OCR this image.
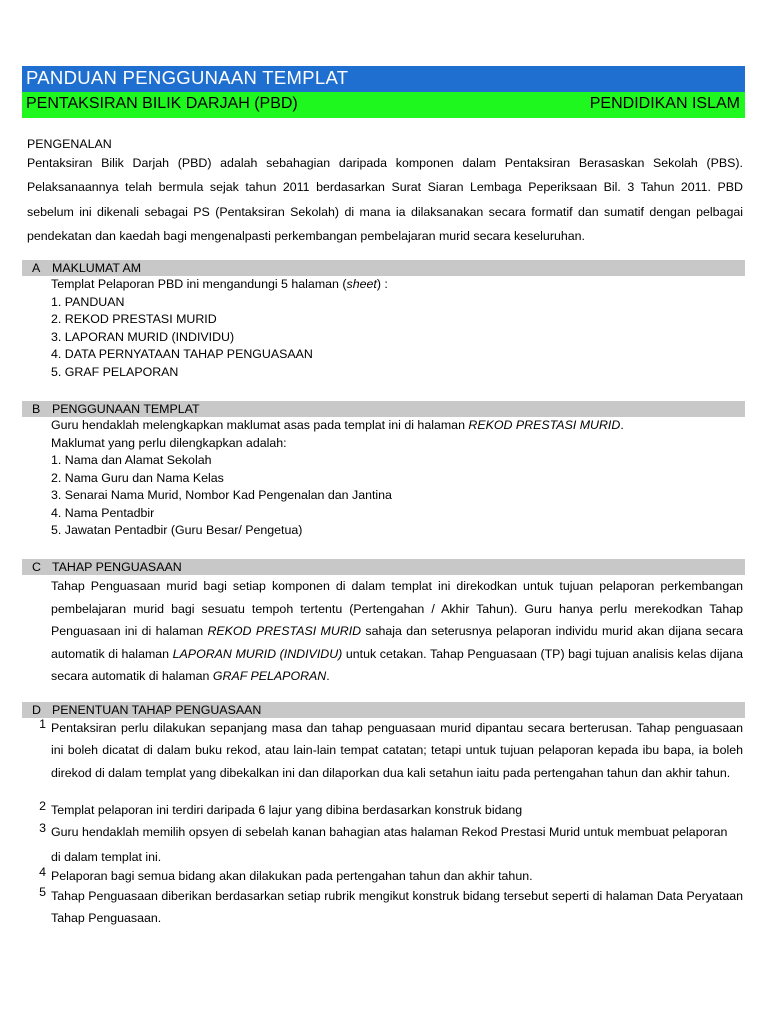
PANDUAN PENGGUNAAN TEMPLAT
PENTAKSIRAN BILIK DARJAH (PBD)	PENDIDIKAN ISLAM
PENGENALAN
Pentaksiran Bilik Darjah (PBD) adalah sebahagian daripada komponen dalam Pentaksiran Berasaskan Sekolah (PBS). Pelaksanaannya telah bermula sejak tahun 2011 berdasarkan Surat Siaran Lembaga Peperiksaan Bil. 3 Tahun 2011. PBD sebelum ini dikenali sebagai PS (Pentaksiran Sekolah) di mana ia dilaksanakan secara formatif dan sumatif dengan pelbagai pendekatan dan kaedah bagi mengenalpasti perkembangan pembelajaran murid secara keseluruhan.
A MAKLUMAT AM
Templat Pelaporan PBD ini mengandungi 5 halaman (sheet) :
1. PANDUAN
2. REKOD PRESTASI MURID
3. LAPORAN MURID (INDIVIDU)
4. DATA PERNYATAAN TAHAP PENGUASAAN
5. GRAF PELAPORAN
B PENGGUNAAN TEMPLAT
Guru hendaklah melengkapkan maklumat asas pada templat ini di halaman REKOD PRESTASI MURID.
Maklumat yang perlu dilengkapkan adalah:
1. Nama dan Alamat Sekolah
2. Nama Guru dan Nama Kelas
3. Senarai Nama Murid, Nombor Kad Pengenalan dan Jantina
4. Nama Pentadbir
5. Jawatan Pentadbir (Guru Besar/ Pengetua)
C TAHAP PENGUASAAN
Tahap Penguasaan murid bagi setiap komponen di dalam templat ini direkodkan untuk tujuan pelaporan perkembangan pembelajaran murid bagi sesuatu tempoh tertentu (Pertengahan / Akhir Tahun). Guru hanya perlu merekodkan Tahap Penguasaan ini di halaman REKOD PRESTASI MURID sahaja dan seterusnya pelaporan individu murid akan dijana secara automatik di halaman LAPORAN MURID (INDIVIDU) untuk cetakan. Tahap Penguasaan (TP) bagi tujuan analisis kelas dijana secara automatik di halaman GRAF PELAPORAN.
D PENENTUAN TAHAP PENGUASAAN
1 Pentaksiran perlu dilakukan sepanjang masa dan tahap penguasaan murid dipantau secara berterusan. Tahap penguasaan ini boleh dicatat di dalam buku rekod, atau lain-lain tempat catatan; tetapi untuk tujuan pelaporan kepada ibu bapa, ia boleh direkod di dalam templat yang dibekalkan ini dan dilaporkan dua kali setahun iaitu pada pertengahan tahun dan akhir tahun.
2 Templat pelaporan ini terdiri daripada 6 lajur yang dibina berdasarkan konstruk bidang
3 Guru hendaklah memilih opsyen di sebelah kanan bahagian atas halaman Rekod Prestasi Murid untuk membuat pelaporan
di dalam templat ini.
4 Pelaporan bagi semua bidang akan dilakukan pada pertengahan tahun dan akhir tahun.
5 Tahap Penguasaan diberikan berdasarkan setiap rubrik mengikut konstruk bidang tersebut seperti di halaman Data Peryataan Tahap Penguasaan.
